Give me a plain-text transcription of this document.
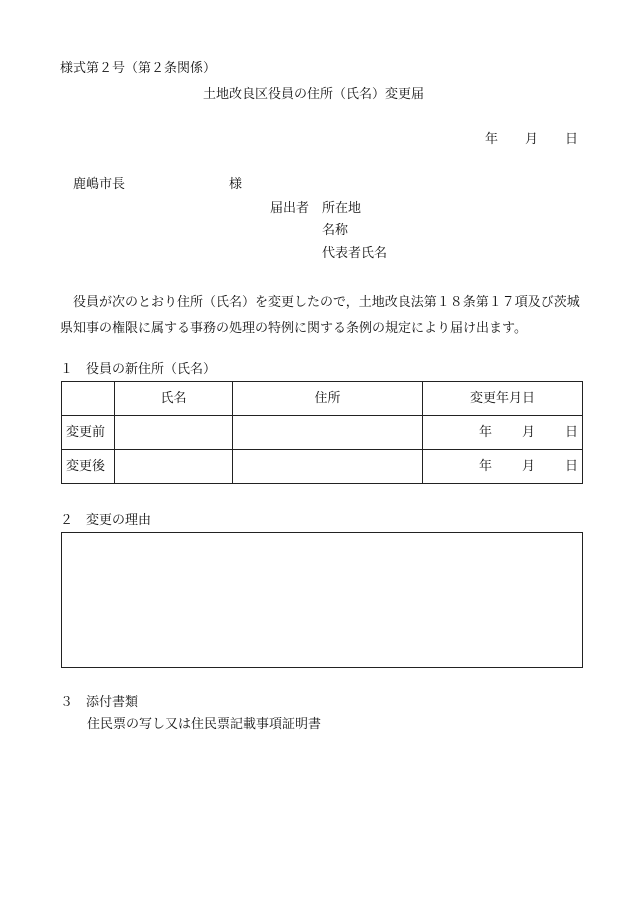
様式第２号（第２条関係）
土地改良区役員の住所（氏名）変更届
年 月 日
鹿嶋市長	様
届出者 所在地
名称
代表者氏名

役員が次のとおり住所（氏名）を変更したので，土地改良法第１８条第１７項及び茨城県知事の権限に属する事務の処理の特例に関する条例の規定により届け出ます。

１　役員の新住所（氏名）
	氏名	住所	変更年月日
変更前			年 月 日

変更後			年 月 日
２　変更の理由
３　添付書類
住民票の写し又は住民票記載事項証明書
